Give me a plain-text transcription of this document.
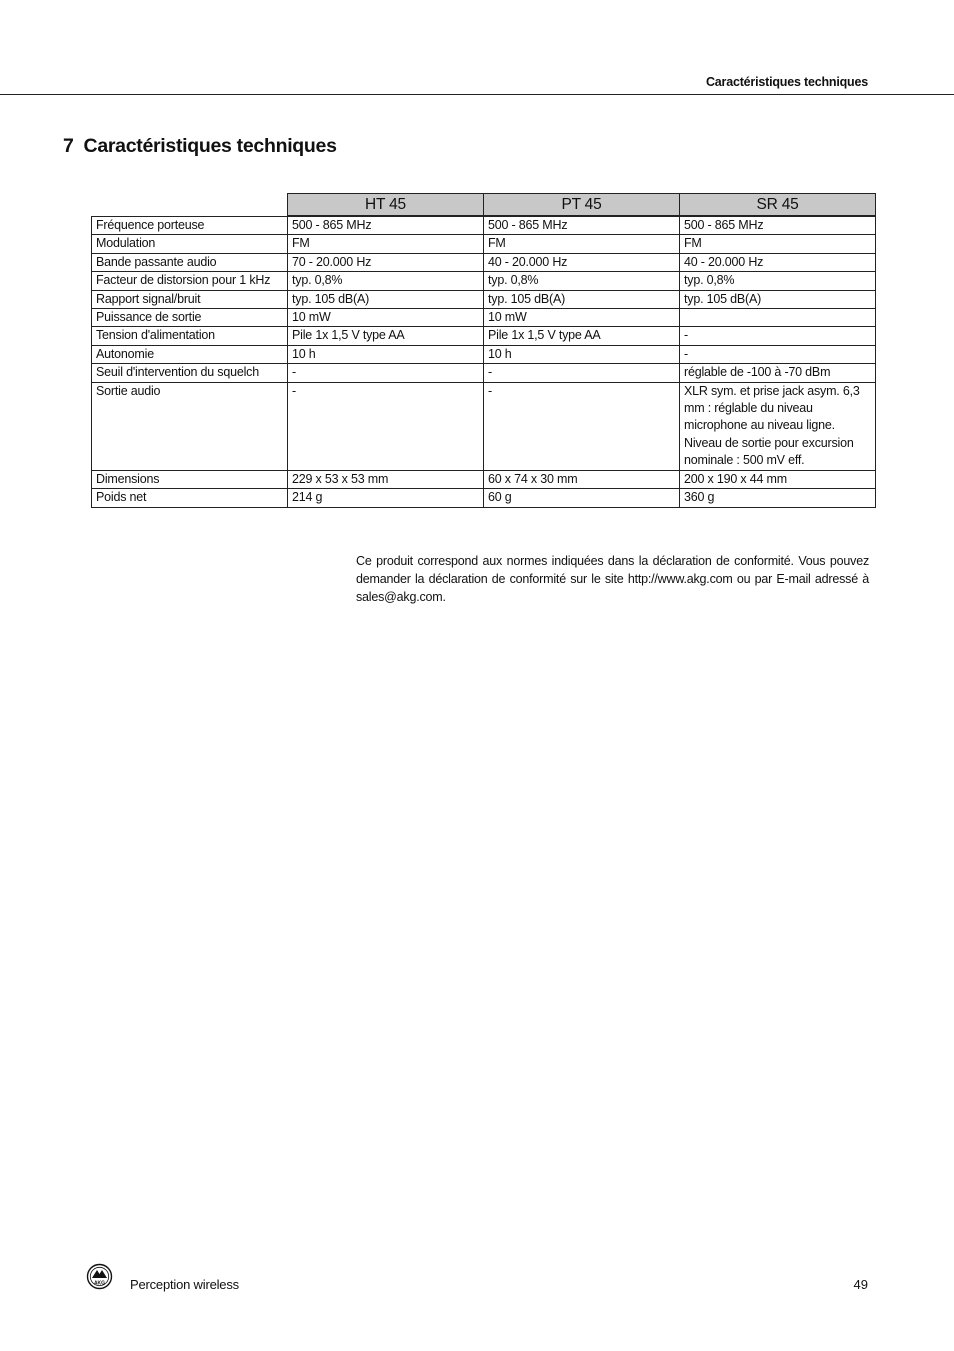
Caractéristiques techniques
7 Caractéristiques techniques
	HT 45	PT 45	SR 45
Fréquence porteuse	500 - 865 MHz	500 - 865 MHz	500 - 865 MHz
Modulation	FM	FM	FM
Bande passante audio	70 - 20.000 Hz	40 - 20.000 Hz	40 - 20.000 Hz
Facteur de distorsion pour 1 kHz	typ. 0,8%	typ. 0,8%	typ. 0,8%
Rapport signal/bruit	typ. 105 dB(A)	typ. 105 dB(A)	typ. 105 dB(A)
Puissance de sortie	10 mW	10 mW	
Tension d'alimentation	Pile 1x 1,5 V type AA	Pile 1x 1,5 V type AA	-
Autonomie	10 h	10 h	-
Seuil d'intervention du squelch	-	-	réglable de -100 à -70 dBm
Sortie audio	-	-	XLR sym. et prise jack asym. 6,3 mm : réglable du niveau microphone au niveau ligne. Niveau de sortie pour excursion nominale : 500 mV eff.
Dimensions	229 x 53 x 53 mm	60 x 74 x 30 mm	200 x 190 x 44 mm
Poids net	214 g	60 g	360 g

Ce produit correspond aux normes indiquées dans la déclaration de conformité. Vous pouvez demander la déclaration de conformité sur le site http://www.akg.com ou par E-mail adressé à sales@akg.com.

AKG Perception wireless	49
